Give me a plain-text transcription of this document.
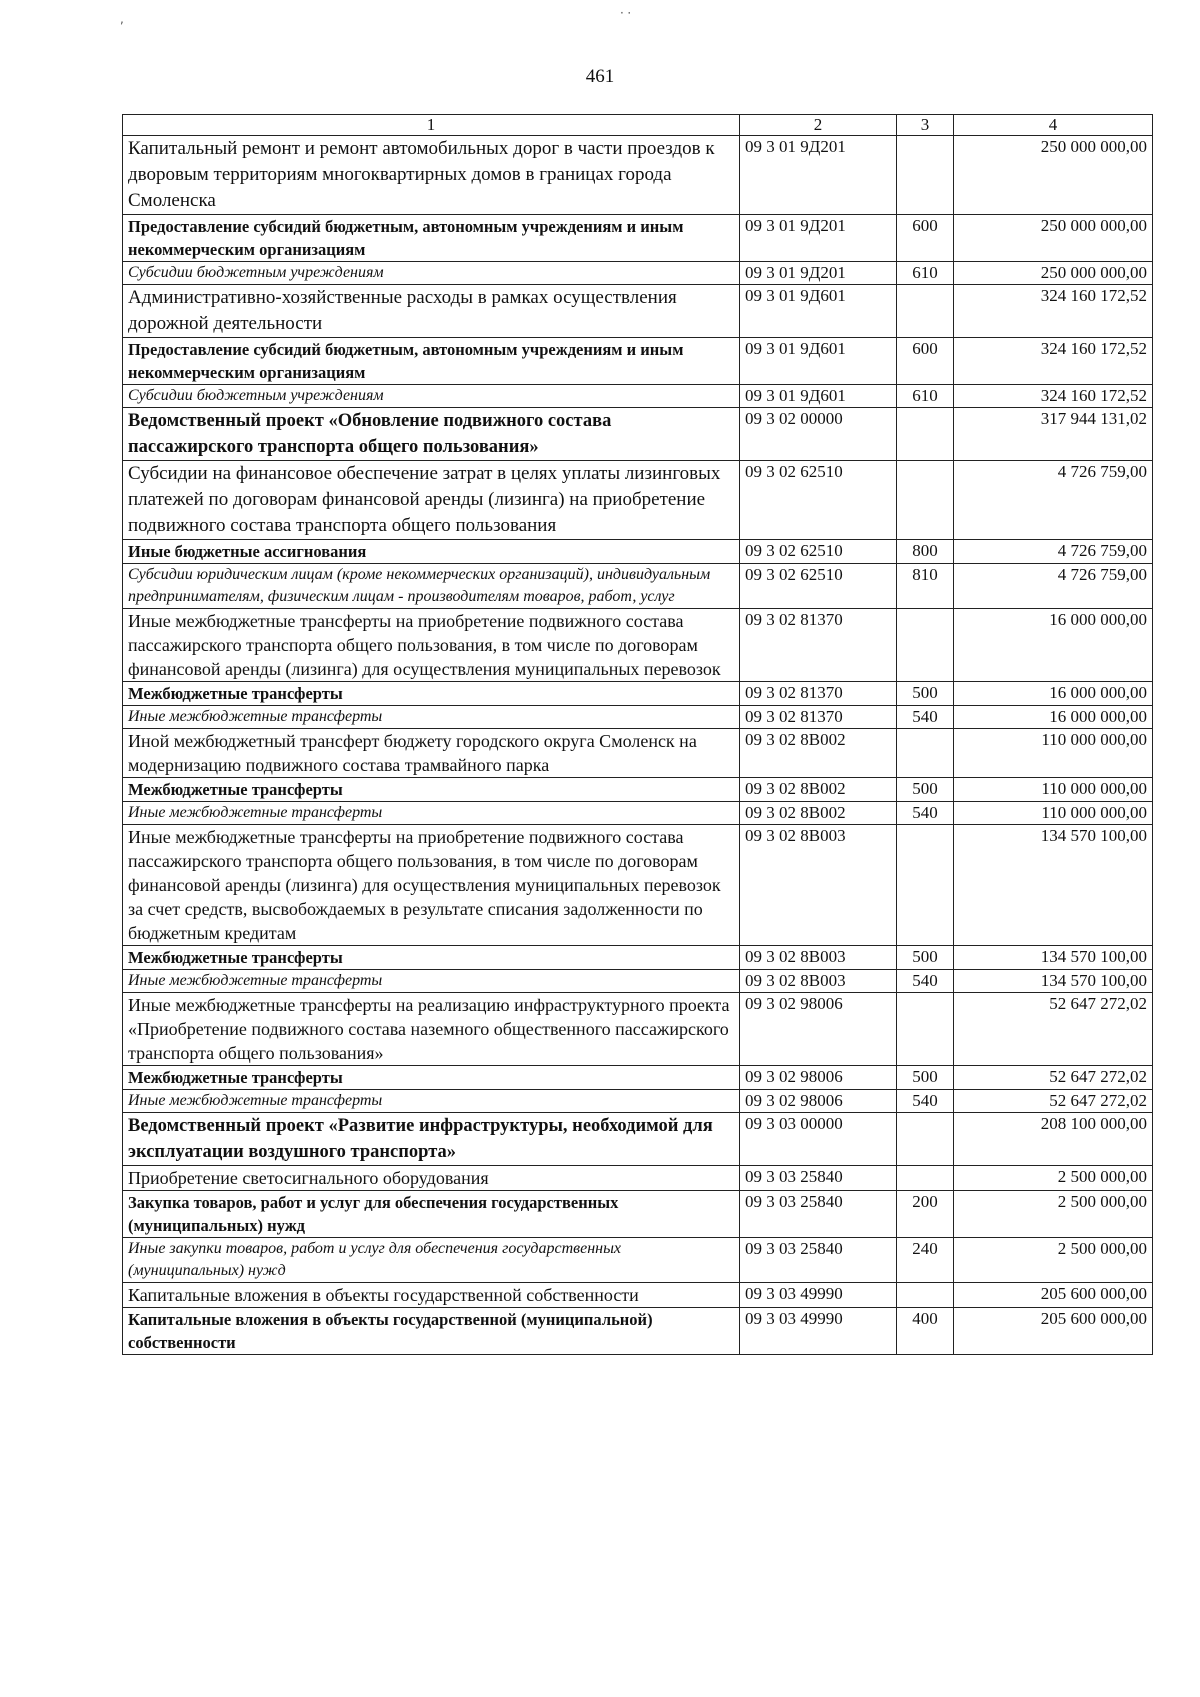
461
1	2	3	4
Капитальный ремонт и ремонт автомобильных дорог в части проездов к дворовым территориям многоквартирных домов в границах города Смоленска	09 3 01 9Д201		250 000 000,00
Предоставление субсидий бюджетным, автономным учреждениям и иным некоммерческим организациям	09 3 01 9Д201	600	250 000 000,00
Субсидии бюджетным учреждениям	09 3 01 9Д201	610	250 000 000,00
Административно-хозяйственные расходы в рамках осуществления дорожной деятельности	09 3 01 9Д601		324 160 172,52
Предоставление субсидий бюджетным, автономным учреждениям и иным некоммерческим организациям	09 3 01 9Д601	600	324 160 172,52
Субсидии бюджетным учреждениям	09 3 01 9Д601	610	324 160 172,52
Ведомственный проект «Обновление подвижного состава пассажирского транспорта общего пользования»	09 3 02 00000		317 944 131,02
Субсидии на финансовое обеспечение затрат в целях уплаты лизинговых платежей по договорам финансовой аренды (лизинга) на приобретение подвижного состава транспорта общего пользования	09 3 02 62510		4 726 759,00
Иные бюджетные ассигнования	09 3 02 62510	800	4 726 759,00
Субсидии юридическим лицам (кроме некоммерческих организаций), индивидуальным предпринимателям, физическим лицам - производителям товаров, работ, услуг	09 3 02 62510	810	4 726 759,00
Иные межбюджетные трансферты на приобретение подвижного состава пассажирского транспорта общего пользования, в том числе по договорам финансовой аренды (лизинга) для осуществления муниципальных перевозок	09 3 02 81370		16 000 000,00
Межбюджетные трансферты	09 3 02 81370	500	16 000 000,00
Иные межбюджетные трансферты	09 3 02 81370	540	16 000 000,00
Иной межбюджетный трансферт бюджету городского округа Смоленск на модернизацию подвижного состава трамвайного парка	09 3 02 8В002		110 000 000,00
Межбюджетные трансферты	09 3 02 8В002	500	110 000 000,00
Иные межбюджетные трансферты	09 3 02 8В002	540	110 000 000,00
Иные межбюджетные трансферты на приобретение подвижного состава пассажирского транспорта общего пользования, в том числе по договорам финансовой аренды (лизинга) для осуществления муниципальных перевозок за счет средств, высвобождаемых в результате списания задолженности по бюджетным кредитам	09 3 02 8В003		134 570 100,00
Межбюджетные трансферты	09 3 02 8В003	500	134 570 100,00
Иные межбюджетные трансферты	09 3 02 8В003	540	134 570 100,00
Иные межбюджетные трансферты на реализацию инфраструктурного проекта «Приобретение подвижного состава наземного общественного пассажирского транспорта общего пользования»	09 3 02 98006		52 647 272,02
Межбюджетные трансферты	09 3 02 98006	500	52 647 272,02
Иные межбюджетные трансферты	09 3 02 98006	540	52 647 272,02
Ведомственный проект «Развитие инфраструктуры, необходимой для эксплуатации воздушного транспорта»	09 3 03 00000		208 100 000,00
Приобретение светосигнального оборудования	09 3 03 25840		2 500 000,00
Закупка товаров, работ и услуг для обеспечения государственных (муниципальных) нужд	09 3 03 25840	200	2 500 000,00
Иные закупки товаров, работ и услуг для обеспечения государственных (муниципальных) нужд	09 3 03 25840	240	2 500 000,00
Капитальные вложения в объекты государственной собственности	09 3 03 49990		205 600 000,00
Капитальные вложения в объекты государственной (муниципальной) собственности	09 3 03 49990	400	205 600 000,00
,	· ⸱
